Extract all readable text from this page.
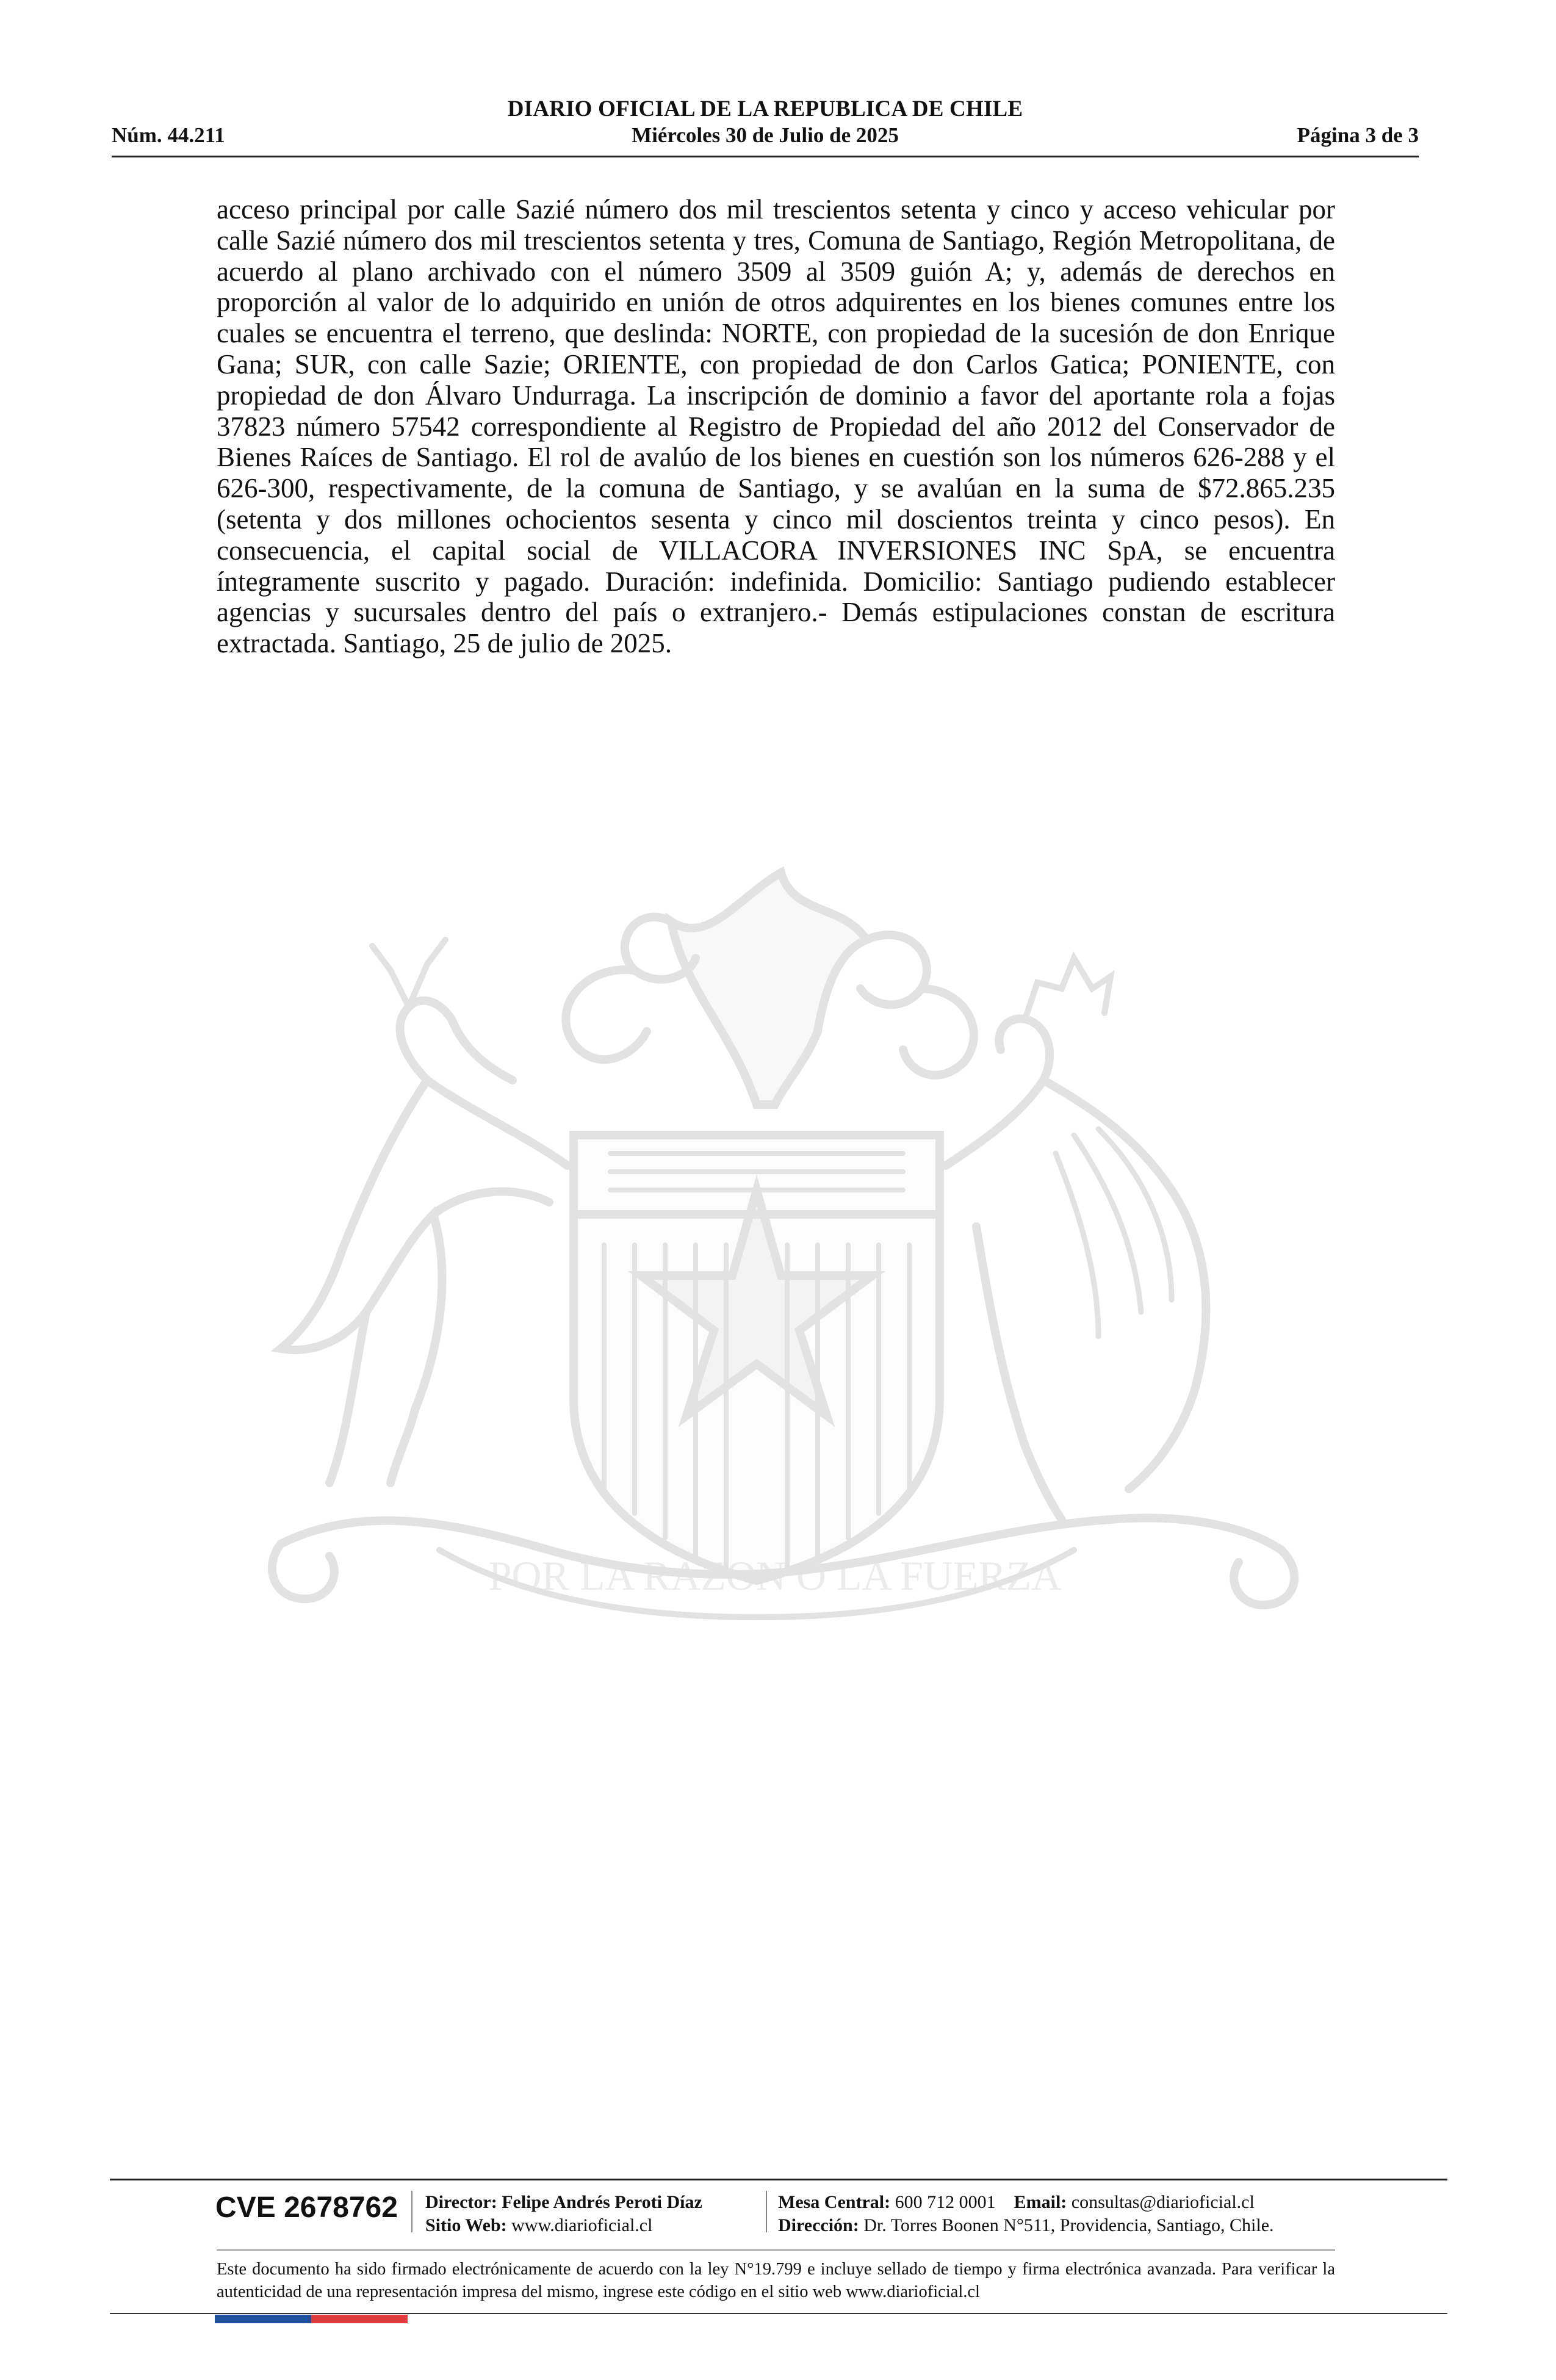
DIARIO OFICIAL DE LA REPUBLICA DE CHILE
Núm. 44.211	Miércoles 30 de Julio de 2025	Página 3 de 3
acceso principal por calle Sazié número dos mil trescientos setenta y cinco y acceso vehicular por calle Sazié número dos mil trescientos setenta y tres, Comuna de Santiago, Región Metropolitana, de acuerdo al plano archivado con el número 3509 al 3509 guión A; y, además de derechos en proporción al valor de lo adquirido en unión de otros adquirentes en los bienes comunes entre los cuales se encuentra el terreno, que deslinda: NORTE, con propiedad de la sucesión de don Enrique Gana; SUR, con calle Sazie; ORIENTE, con propiedad de don Carlos Gatica; PONIENTE, con propiedad de don Álvaro Undurraga. La inscripción de dominio a favor del aportante rola a fojas 37823 número 57542 correspondiente al Registro de Propiedad del año 2012 del Conservador de Bienes Raíces de Santiago. El rol de avalúo de los bienes en cuestión son los números 626-288 y el 626-300, respectivamente, de la comuna de Santiago, y se avalúan en la suma de $72.865.235 (setenta y dos millones ochocientos sesenta y cinco mil doscientos treinta y cinco pesos). En consecuencia, el capital social de VILLACORA INVERSIONES INC SpA, se encuentra íntegramente suscrito y pagado. Duración: indefinida. Domicilio: Santiago pudiendo establecer agencias y sucursales dentro del país o extranjero.- Demás estipulaciones constan de escritura extractada. Santiago, 25 de julio de 2025.
POR LA RAZON O LA FUERZA
CVE 2678762 Director: Felipe Andrés Peroti Díaz
Sitio Web: www.diarioficial.cl
Mesa Central: 600 712 0001 Email: consultas@diarioficial.cl
Dirección: Dr. Torres Boonen N°511, Providencia, Santiago, Chile.
Este documento ha sido firmado electrónicamente de acuerdo con la ley N°19.799 e incluye sellado de tiempo y firma electrónica avanzada. Para verificar la autenticidad de una representación impresa del mismo, ingrese este código en el sitio web www.diarioficial.cl
